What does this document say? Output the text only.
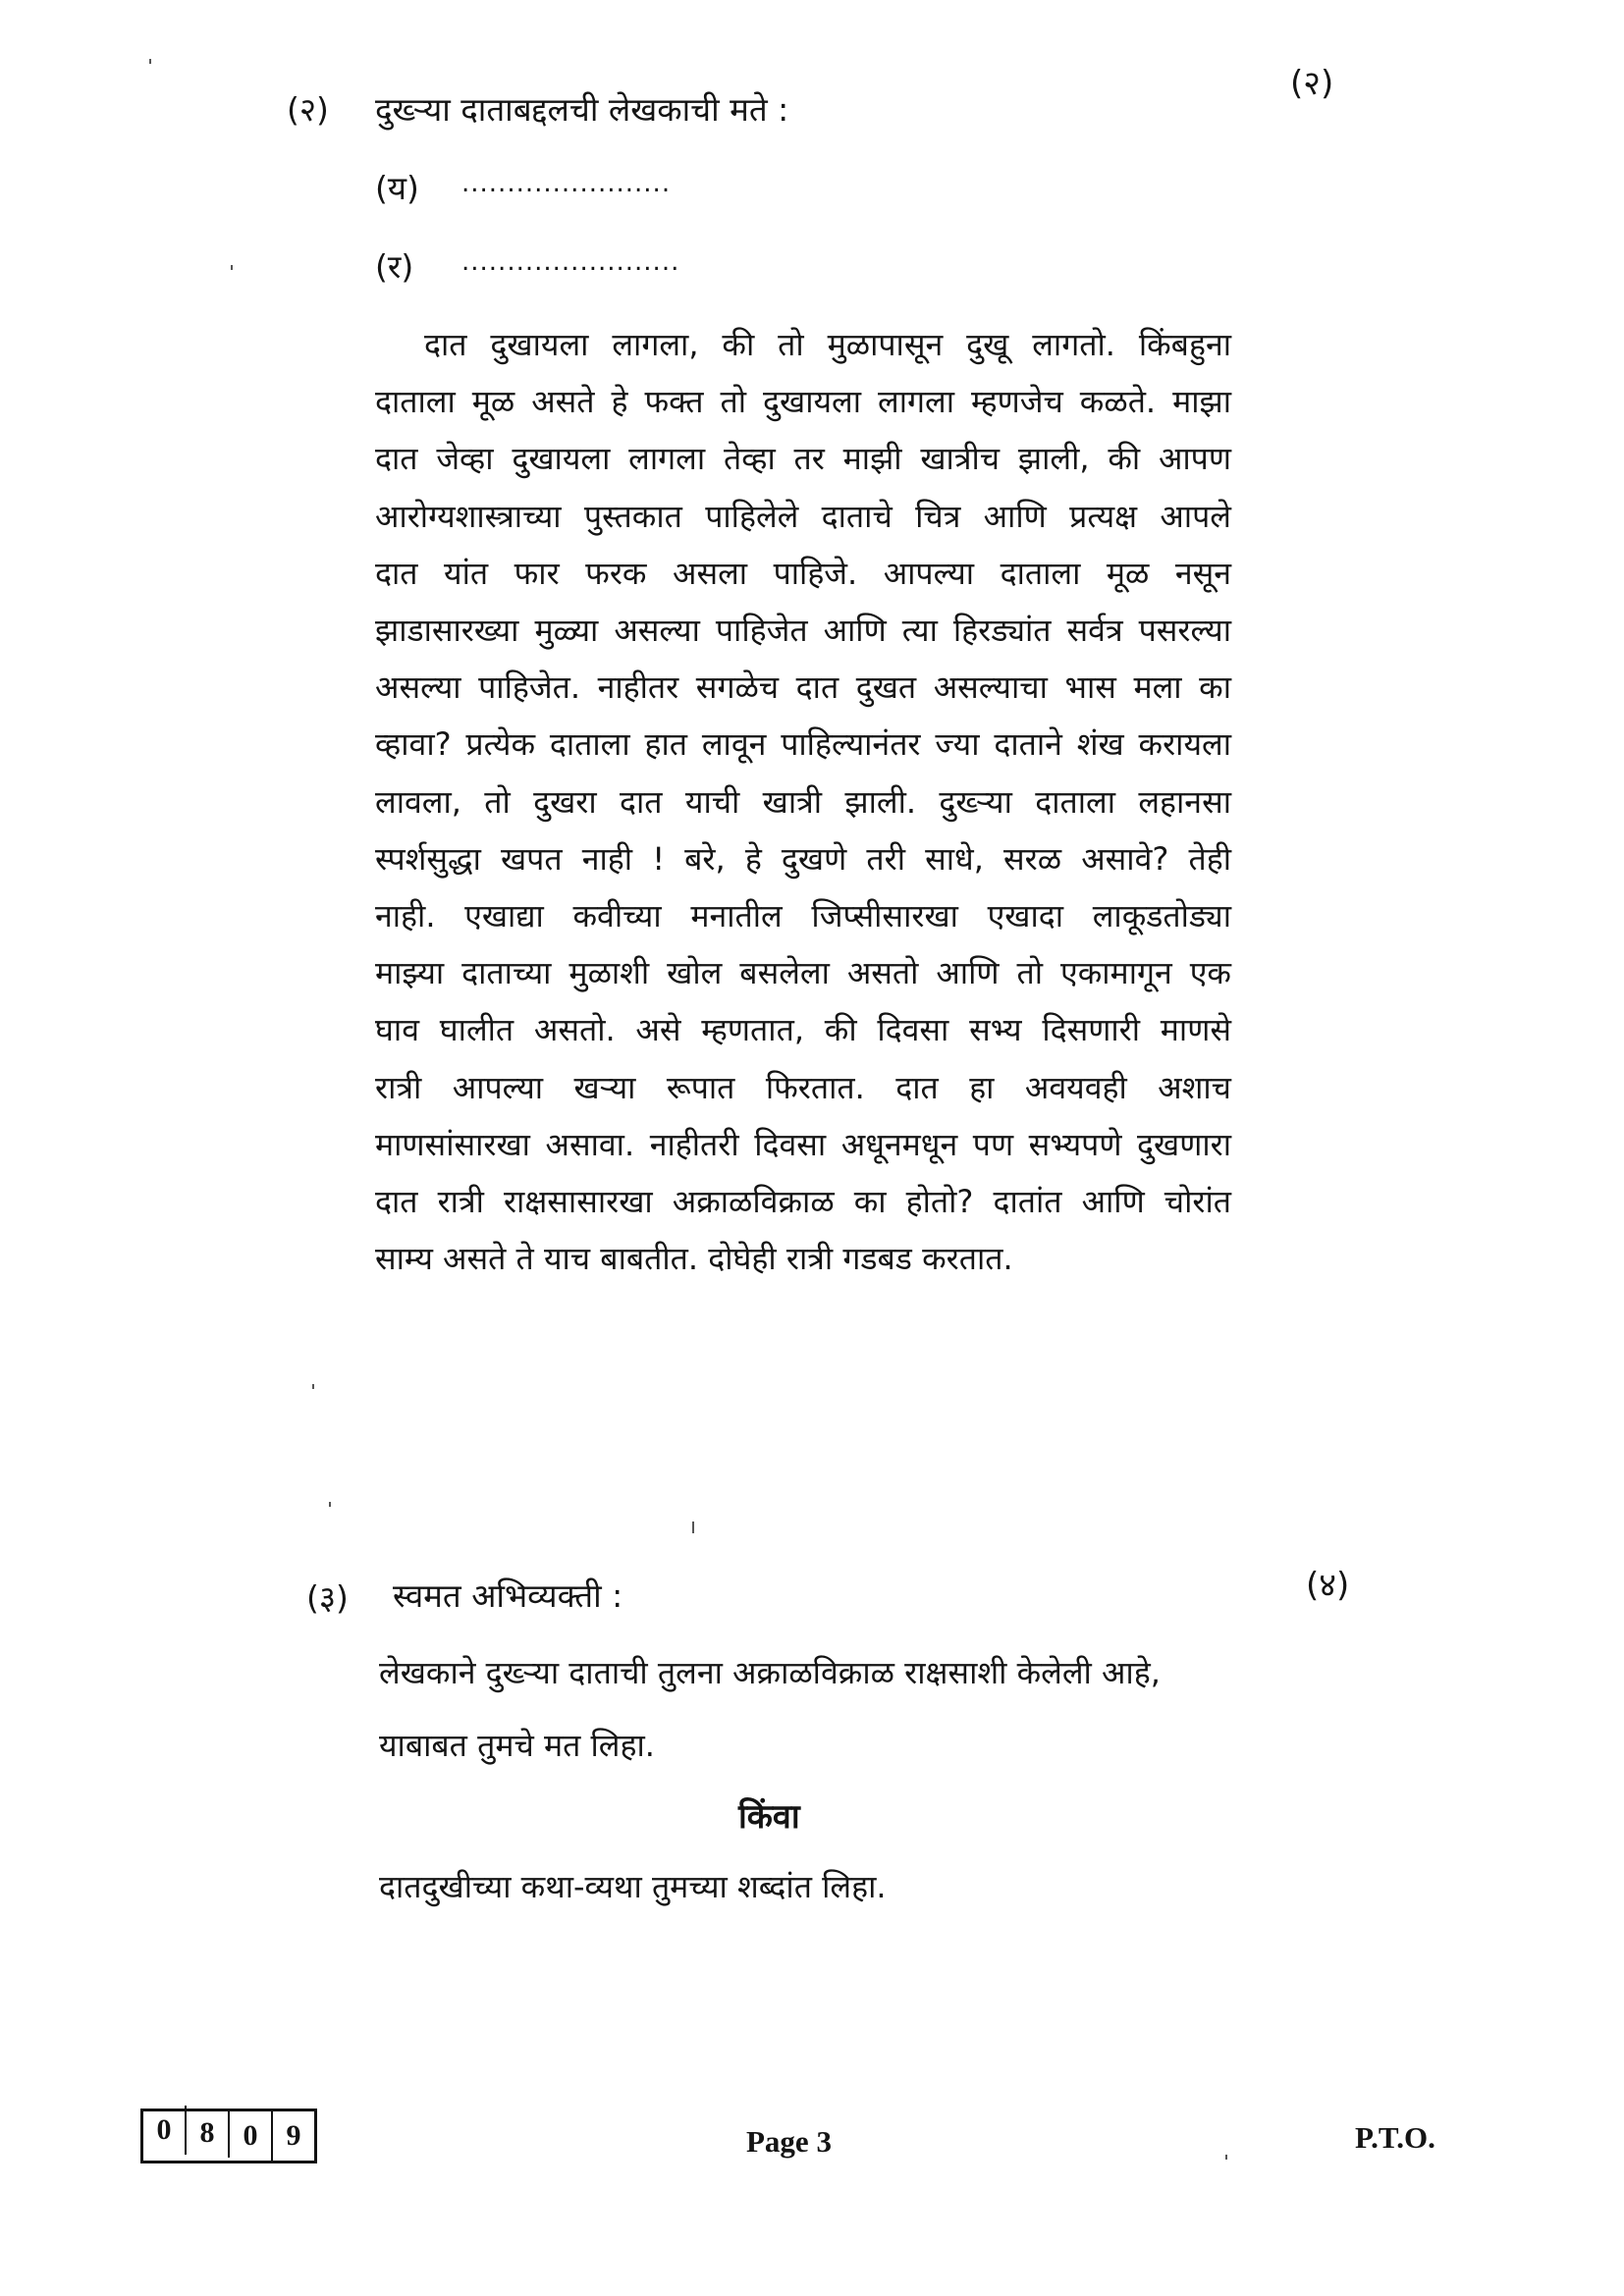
(२) दुख्ऱ्या दाताबद्दलची लेखकाची मते :
(२)
(य) .......................
(र) ........................
दात दुखायला लागला, की तो मुळापासून दुखू लागतो. किंबहुना
दाताला मूळ असते हे फक्त तो दुखायला लागला म्हणजेच कळते. माझा
दात जेव्हा दुखायला लागला तेव्हा तर माझी खात्रीच झाली, की आपण
आरोग्यशास्त्राच्या पुस्तकात पाहिलेले दाताचे चित्र आणि प्रत्यक्ष आपले
दात यांत फार फरक असला पाहिजे. आपल्या दाताला मूळ नसून
झाडासारख्या मुळ्या असल्या पाहिजेत आणि त्या हिरड्यांत सर्वत्र पसरल्या
असल्या पाहिजेत. नाहीतर सगळेच दात दुखत असल्याचा भास मला का
व्हावा? प्रत्येक दाताला हात लावून पाहिल्यानंतर ज्या दाताने शंख करायला
लावला, तो दुखरा दात याची खात्री झाली. दुख्ऱ्या दाताला लहानसा
स्पर्शसुद्धा खपत नाही ! बरे, हे दुखणे तरी साधे, सरळ असावे? तेही
नाही. एखाद्या कवीच्या मनातील जिप्सीसारखा एखादा लाकूडतोड्या
माझ्या दाताच्या मुळाशी खोल बसलेला असतो आणि तो एकामागून एक
घाव घालीत असतो. असे म्हणतात, की दिवसा सभ्य दिसणारी माणसे
रात्री आपल्या खऱ्या रूपात फिरतात. दात हा अवयवही अशाच
माणसांसारखा असावा. नाहीतरी दिवसा अधूनमधून पण सभ्यपणे दुखणारा
दात रात्री राक्षसासारखा अक्राळविक्राळ का होतो? दातांत आणि चोरांत
साम्य असते ते याच बाबतीत. दोघेही रात्री गडबड करतात.
(३) स्वमत अभिव्यक्ती :	(४)
लेखकाने दुख्ऱ्या दाताची तुलना अक्राळविक्राळ राक्षसाशी केलेली आहे,
याबाबत तुमचे मत लिहा.
किंवा
दातदुखीच्या कथा-व्यथा तुमच्या शब्दांत लिहा.
0 8 0 9	Page 3	P.T.O.
